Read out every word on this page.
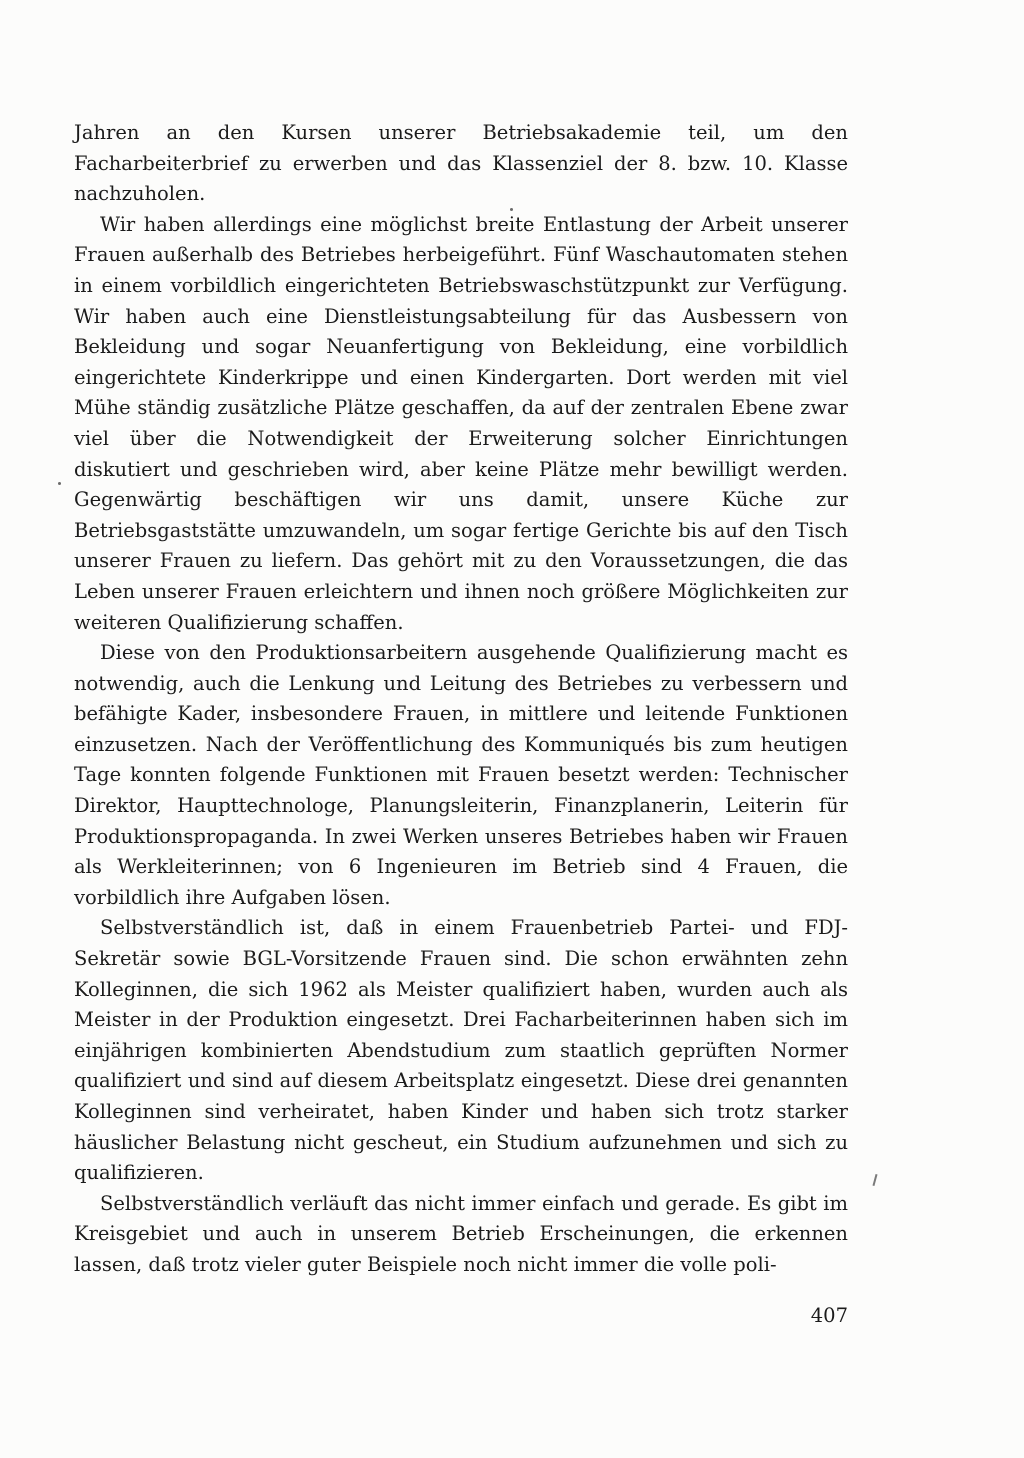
Jahren an den Kursen unserer Betriebsakademie teil, um den Facharbeiterbrief zu erwerben und das Klassenziel der 8. bzw. 10. Klasse nachzuholen.

Wir haben allerdings eine möglichst breite Entlastung der Arbeit unserer Frauen außerhalb des Betriebes herbeigeführt. Fünf Waschautomaten stehen in einem vorbildlich eingerichteten Betriebswaschstützpunkt zur Verfügung. Wir haben auch eine Dienstleistungsabteilung für das Ausbessern von Bekleidung und sogar Neuanfertigung von Bekleidung, eine vorbildlich eingerichtete Kinderkrippe und einen Kindergarten. Dort werden mit viel Mühe ständig zusätzliche Plätze geschaffen, da auf der zentralen Ebene zwar viel über die Notwendigkeit der Erweiterung solcher Einrichtungen diskutiert und geschrieben wird, aber keine Plätze mehr bewilligt werden. Gegenwärtig beschäftigen wir uns damit, unsere Küche zur Betriebsgaststätte umzuwandeln, um sogar fertige Gerichte bis auf den Tisch unserer Frauen zu liefern. Das gehört mit zu den Voraussetzungen, die das Leben unserer Frauen erleichtern und ihnen noch größere Möglichkeiten zur weiteren Qualifizierung schaffen.

Diese von den Produktionsarbeitern ausgehende Qualifizierung macht es notwendig, auch die Lenkung und Leitung des Betriebes zu verbessern und befähigte Kader, insbesondere Frauen, in mittlere und leitende Funktionen einzusetzen. Nach der Veröffentlichung des Kommuniqués bis zum heutigen Tage konnten folgende Funktionen mit Frauen besetzt werden: Technischer Direktor, Haupttechnologe, Planungsleiterin, Finanzplanerin, Leiterin für Produktionspropaganda. In zwei Werken unseres Betriebes haben wir Frauen als Werkleiterinnen; von 6 Ingenieuren im Betrieb sind 4 Frauen, die vorbildlich ihre Aufgaben lösen.

Selbstverständlich ist, daß in einem Frauenbetrieb Partei- und FDJ-Sekretär sowie BGL-Vorsitzende Frauen sind. Die schon erwähnten zehn Kolleginnen, die sich 1962 als Meister qualifiziert haben, wurden auch als Meister in der Produktion eingesetzt. Drei Facharbeiterinnen haben sich im einjährigen kombinierten Abendstudium zum staatlich geprüften Normer qualifiziert und sind auf diesem Arbeitsplatz eingesetzt. Diese drei genannten Kolleginnen sind verheiratet, haben Kinder und haben sich trotz starker häuslicher Belastung nicht gescheut, ein Studium aufzunehmen und sich zu qualifizieren.

Selbstverständlich verläuft das nicht immer einfach und gerade. Es gibt im Kreisgebiet und auch in unserem Betrieb Erscheinungen, die erkennen lassen, daß trotz vieler guter Beispiele noch nicht immer die volle poli-

407
